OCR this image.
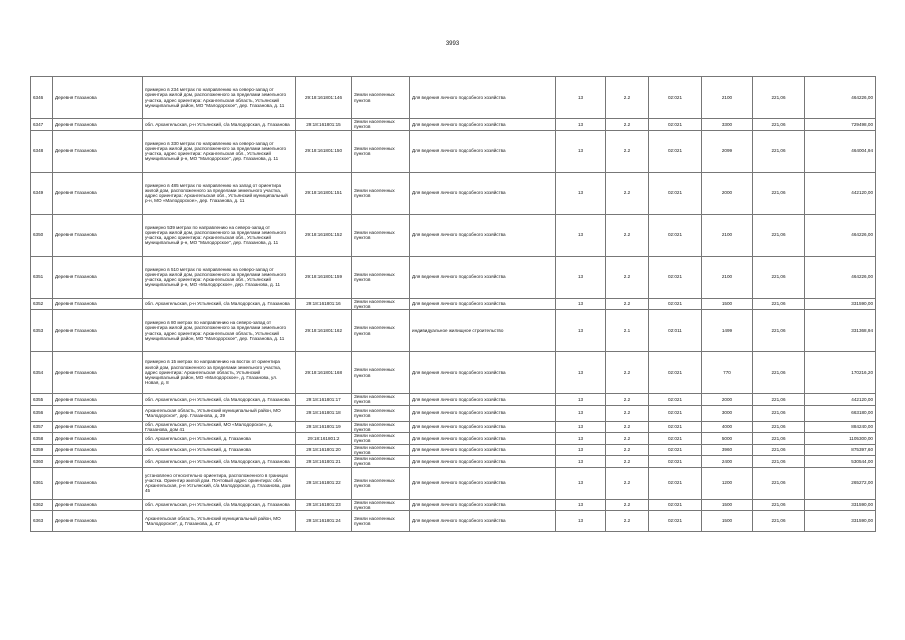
3993
6346	Деревня Глазанова	примерно в 234 метрах по направлению на северо-запад от ориентира жилой дом, расположенного за пределами земельного участка, адрес ориентира: Архангельская область, Устьянский муниципальный район, МО "Малодорское", дер. Глазанова, д. 11	29:18:161801:146	Земли населенных пунктов	Для ведения личного подсобного хозяйства	13	2.2	02:021	2100	221,06	464226,00
6347	Деревня Глазанова	обл. Архангельская, р-н Устьянский, с/а Малодорская, д. Глазанова	29:18:161801:15	Земли населенных пунктов	Для ведения личного подсобного хозяйства	13	2.2	02:021	3300	221,06	729498,00
6348	Деревня Глазанова	примерно в 330 метрах по направлению на северо-запад от ориентира жилой дом, расположенного за пределами земельного участка, адрес ориентира: Архангельская обл., Устьянский муниципальный р-н, МО "Малодорское", дер. Глазанова, д. 11	29:18:161801:150	Земли населенных пунктов	Для ведения личного подсобного хозяйства	13	2.2	02:021	2099	221,06	464004,94
6349	Деревня Глазанова	примерно в 485 метрах по направлению на запад от ориентира жилой дом, расположенного за пределами земельного участка, адрес ориентира: Архангельская обл., Устьянский муниципальный р-н, МО «Малодорское», дер. Глазанова, д. 11	29:18:161801:151	Земли населенных пунктов	Для ведения личного подсобного хозяйства	13	2.2	02:021	2000	221,06	442120,00
6350	Деревня Глазанова	примерно 539 метрах по направлению на северо-запад от ориентира жилой дом, расположенного за пределами земельного участка, адрес ориентира: Архангельская обл., Устьянский муниципальный р-н, МО "Малодорское", дер. Глазанова, д. 11	29:18:161801:152	Земли населенных пунктов	Для ведения личного подсобного хозяйства	13	2.2	02:021	2100	221,06	464226,00
6351	Деревня Глазанова	примерно в 510 метрах по направлению на северо-запад от ориентира жилой дом, расположенного за пределами земельного участка, адрес ориентира: Архангельская обл., Устьянский муниципальный р-н, МО «Малодорское», дер. Глазанова, д. 11	29:18:161801:159	Земли населенных пунктов	Для ведения личного подсобного хозяйства	13	2.2	02:021	2100	221,06	464226,00
6352	Деревня Глазанова	обл. Архангельская, р-н Устьянский, с/а Малодорская, д. Глазанова	29:18:161801:16	Земли населенных пунктов	Для ведения личного подсобного хозяйства	13	2.2	02:021	1500	221,06	331590,00
6353	Деревня Глазанова	примерно в 80 метрах по направлению на северо-запад от ориентира жилой дом, расположенного за пределами земельного участка, адрес ориентира: Архангельская область, Устьянский муниципальный район, МО "Малодорское", дер. Глазанова, д. 11	29:18:161801:162	Земли населенных пунктов	индивидуальное жилищное строительство	13	2.1	02:011	1499	221,06	331368,94
6354	Деревня Глазанова	примерно в 15 метрах по направлению на восток от ориентира жилой дом, расположенного за пределами земельного участка, адрес ориентира: Архангельская область, Устьянский муниципальный район, МО «Малодорское», д. Глазанова, ул. Новая, д. 8	29:18:161801:168	Земли населенных пунктов	Для ведения личного подсобного хозяйства	13	2.2	02:021	770	221,06	170216,20
6355	Деревня Глазанова	обл. Архангельская, р-н Устьянский, с/а Малодорская, д. Глазанова	29:18:161801:17	Земли населенных пунктов	Для ведения личного подсобного хозяйства	13	2.2	02:021	2000	221,06	442120,00
6356	Деревня Глазанова	Архангельская область, Устьянский муниципальный район, МО "Малодорское", дер. Глазанова, д. 39	29:18:161801:18	Земли населенных пунктов	Для ведения личного подсобного хозяйства	13	2.2	02:021	3000	221,06	663180,00
6357	Деревня Глазанова	обл. Архангельская, р-н Устьянский, МО «Малодорское», д. Глазанова, дом 41	29:18:161801:19	Земли населенных пунктов	Для ведения личного подсобного хозяйства	13	2.2	02:021	4000	221,06	884240,00
6358	Деревня Глазанова	обл. Архангельская, р-н Устьянский, д. Глазанова	29:18:161801:2	Земли населенных пунктов	Для ведения личного подсобного хозяйства	13	2.2	02:021	5000	221,06	1105300,00
6359	Деревня Глазанова	обл. Архангельская, р-н Устьянский, д. Глазанова	29:18:161801:20	Земли населенных пунктов	Для ведения личного подсобного хозяйства	13	2.2	02:021	3960	221,06	875397,60
6360	Деревня Глазанова	обл. Архангельская, р-н Устьянский, с/а Малодорская, д. Глазанова	29:18:161801:21	Земли населенных пунктов	Для ведения личного подсобного хозяйства	13	2.2	02:021	2400	221,06	530544,00
6361	Деревня Глазанова	установлено относительно ориентира, расположенного в границах участка. Ориентир жилой дом. Почтовый адрес ориентира: обл. Архангельская, р-н Устьянский, с/а Малодорская, д. Глазанова, дом 45	29:18:161801:22	Земли населенных пунктов	Для ведения личного подсобного хозяйства	13	2.2	02:021	1200	221,06	265272,00
6362	Деревня Глазанова	обл. Архангельская, р-н Устьянский, с/а Малодорская, д. Глазанова	29:18:161801:23	Земли населенных пунктов	Для ведения личного подсобного хозяйства	13	2.2	02:021	1500	221,06	331590,00
6363	Деревня Глазанова	Архангельская область, Устьянский муниципальный район, МО "Малодорское", д. Глазанова, д. 47	29:18:161801:24	Земли населенных пунктов	Для ведения личного подсобного хозяйства	13	2.2	02:021	1500	221,06	331590,00
